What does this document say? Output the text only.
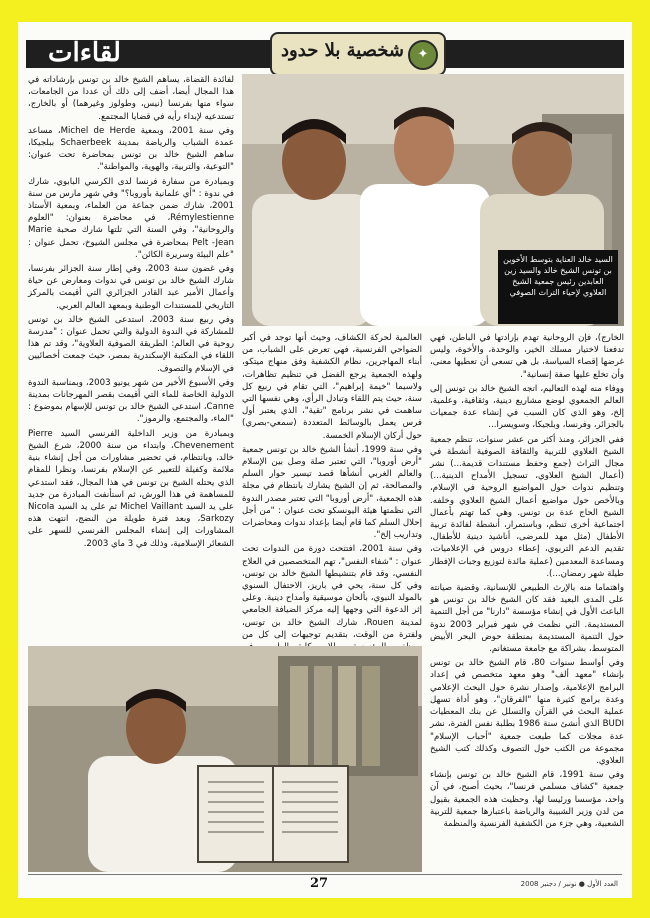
لقاءات	شخصية بلا حدود	✦
السيد خالد العناية بتوسط الأخوين بن تونس الشيخ خالد والسيد زين العابدين رئيس جمعية الشيخ العلاوي لإحياء التراث الصوفي

لفائدة القضاة، يساهم الشيخ خالد بن تونس بإرشاداته في هذا المجال أيضا، أضف إلى ذلك أن عددا من الجامعات، سواء منها بفرنسا (نيس، وطولوز وغيرهما) أو بالخارج، تستدعيه لإبداء رأيه في قضايا المجتمع.

وفي سنة 2001، وبمعية Michel de Herde، مساعد عمدة الشباب والرياضة بمدينة Schaerbeek ببلجيكا، ساهم الشيخ خالد بن تونس بمحاضرة تحت عنوان: "التوعية، والتربية، والهوية، والمواطنة".

وبمبادرة من سفارة فرنسا لدى الكرسي البابوي، شارك في ندوة : "أي علمانية بأوروبا؟" وفي شهر مارس من سنة 2001، شارك ضمن جماعة من العلماء، وبمعية الأستاذ Rémylestienne، في محاضرة بعنوان: "العلوم والروحانية"، وفي السنة التي تلتها شارك صحبة Marie Pelt -Jean بمحاضرة في مجلس الشيوخ، تحمل عنوان : "علم البيئة وسريرة الكائن".

وفي غضون سنة 2003، وفي إطار سنة الجزائر بفرنسا، شارك الشيخ خالد بن تونس في ندوات ومعارض عن حياة وأعمال الأمير عبد القادر الجزائري التي أقيمت بالمركز التاريخي للمستندات الوطنية وبمعهد العالم العربي.

وفي ربيع سنة 2003، استدعى الشيخ خالد بن تونس للمشاركة في الندوة الدولية والتي تحمل عنوان : "مدرسة روحية في العالم: الطريقة الصوفية العلاوية"، وقد تم هذا اللقاء في المكتبة الإسكندرية بمصر، حيث جمعت أخصائيين في الإسلام والتصوف.

وفي الأسبوع الأخير من شهر يونيو 2003، وبمناسبة الندوة الدولية الخاصة للماء التي أقيمت بقصر المهرجانات بمدينة Canne، استدعى الشيخ خالد بن تونس للإسهام بموضوع : "الماء، والمجتمع، والرموز".

وبمبادرة من وزير الداخلية الفرنسي السيد Pierre Chevenement، وابتداء من سنة 2000، شرع الشيخ خالد، وبانتظام، في تحضير مشاورات من أجل إنشاء بنية ملائمة وكفيلة للتعبير عن الإسلام بفرنسا، ونظرا للمقام الذي يحتله الشيخ بن تونس في هذا المجال، فقد استدعي للمساهمة في هذا الورش، ثم استأنفت المبادرة من جديد على يد السيد Michel Vaillant ثم على يد السيد Nicola Sarkozy، وبعد فترة طويلة من النضج، انتهت هذه المشاورات إلى إنشاء المجلس الفرنسي للسهر على الشعائر الإسلامية، وذلك في 3 ماي 2003.

العالمية لحركة الكشاف، وحيث أنها توجد في أكبر الضواحي الفرنسية، فهي تعرض على الشباب، من أبناء المهاجرين، نظام الكشفية وفق منهاج ميتكو، ولهذه الجمعية يرجع الفضل في تنظيم تظاهرات، ولاسيما "خيمة إبراهيم"، التي تقام في ربيع كل سنة، حيث يتم اللقاء وتبادل الرأي، وهي نفسها التي ساهمت في نشر برنامج "تقية"، الذي يعتبر أول فرس يعمل بالوسائط المتعددة (سمعي-بصري) حول أركان الإسلام الخمسة.

وفي سنة 1999، أنشأ الشيخ خالد بن تونس جمعية "أرض أوروبا"، التي تعتبر صلة وصل بين الإسلام والعالم الغربي أنشأها قصد تيسير حوار السلم والمصالحة، ثم إن الشيخ يشارك بانتظام في مجلة هذه الجمعية، "أرض أوروبا" التي تعتبر مصدر الندوة التي نظمتها هيئة اليونسكو تحت عنوان : "من أجل إحلال السلم كما قام أيضا بإعداد ندوات ومحاضرات وتداريب إلخ".

وفي سنة 2001، افتتحت دورة من الندوات تحت عنوان : "شفاء النفس"، تهم المتخصصين في العلاج النفسي، وقد قام بتنشيطها الشيخ خالد بن تونس، وفي كل سنة، يحي في باريز، الاحتفال السنوي بالمولد النبوي، بألحان موسيقية وأمداح دينية. وعلى إثر الدعوة التي وجهها إليه مركز الضيافة الجامعي لمدينة Rouen، شارك الشيخ خالد بن تونس، ولفترة من الوقت، بتقديم توجيهات إلى كل من

الخارج)، فإن الروحانية تهدم بإرادتها في الباطن، فهي تدفعنا لاختيار مسلك الخير، والوحدة، والأخوة، وليس غرضها إقصاء السياسة، بل هي تسعى أن تعطيها معنى، وأن تخلع عليها صفة إنسانية".

ووفاء منه لهذه التعاليم، اتجه الشيخ خالد بن تونس إلى العالم الجمعوي لوضع مشاريع دينية، وثقافية، وعلمية، إلخ، وهو الذي كان السبب في إنشاء عدة جمعيات بالجزائر، وفرنسا، وبلجيكا، وسويسرا...

ففي الجزائر، ومنذ أكثر من عشر سنوات، تنظم جمعية الشيخ العلاوي للتربية والثقافة الصوفية أنشطة في مجال التراث (جمع وحفظ مستندات قديمة...) نشر (أعمال الشيخ العلاوي، تسجيل الأمداح الدينية...) وتنظيم ندوات حول المواضيع الروحية في الإسلام، وبالأخص حول مواضيع أعمال الشيخ العلاوي وخلفه. الشيخ الحاج عدة بن تونس. وهي كما تهتم بأعمال اجتماعية أخرى تنظم، وباستمرار، أنشطة لفائدة تربية الأطفال (مثل مهد للمرضى، أناشيد دينية للأطفال، تقديم الدعم التربوي، إعطاء دروس في الإعلاميات، ومساعدة المعدمين (عملية مائدة لتوزيع وجبات الإفطار طيلة شهر رمضان...).

واهتماما منه بالإرث الطبيعي للإنسانية، وقضية صيانته على المدى البعيد فقد كان الشيخ خالد بن تونس هو الباعث الأول في إنشاء مؤسسة "دارنا" من أجل التنمية المستديمة. التي نظمت في شهر فبراير 2003 ندوة حول التنمية المستديمة بمنطقة حوض البحر الأبيض المتوسط، بشراكة مع جامعة مستغانم.

وفي أواسط سنوات 80، قام الشيخ خالد بن تونس بإنشاء "معهد ألف" وهو معهد متخصص في إعداد البرامج الإعلامية، وإصدار نشرة حول البحث الإعلامي وعدة برامج كثيرة منها "الفرقان"، وهو أداة تسهل عملية البحث في القرآن والتسلل عن بنك المعطيات BUDI الذي أنشئ سنة 1986 بطلبة نفس الفترة، نشر عدة مجلات كما طبعت جمعية "أحباب الإسلام" مجموعة من الكتب حول التصوف وكذلك كتب الشيخ العلاوي.

وفي سنة 1991، قام الشيخ خالد بن تونس بإنشاء جمعية "كشاف مسلمي فرنسا"، بحيث أصبح، في آن واحد، مؤسسا ورئيسا لها، وحظيت هذه الجمعية بقبول من لدن وزير الشبيبة والرياضة باعتبارها جمعية للتربية الشعبية، وهي جزء من الكشفية الفرنسية والمنظمة

27	العدد الأول ● نونبر / دجنبر 2008
